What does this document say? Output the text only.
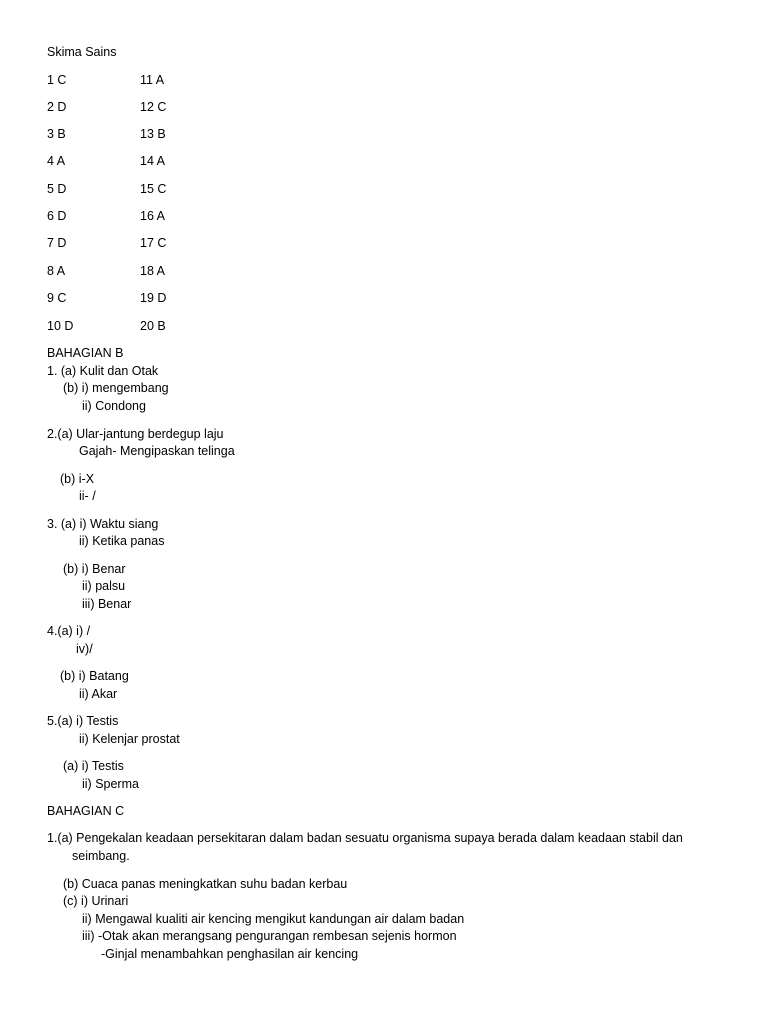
Skima Sains
1 C	11 A
2 D	12 C
3 B	13 B
4 A	14 A
5 D	15 C
6 D	16 A
7 D	17 C
8 A	18 A
9 C	19 D
10 D	20 B
BAHAGIAN B
1. (a) Kulit dan Otak
(b) i) mengembang
ii) Condong
2.(a) Ular-jantung berdegup laju
Gajah- Mengipaskan telinga
(b) i-X
ii- /
3. (a) i) Waktu siang
ii) Ketika panas
(b) i) Benar
ii) palsu
iii) Benar
4.(a) i) /
iv)/
(b) i) Batang
ii) Akar
5.(a) i) Testis
ii) Kelenjar prostat
(a) i) Testis
ii) Sperma
BAHAGIAN C
1.(a) Pengekalan keadaan persekitaran dalam badan sesuatu organisma supaya berada dalam keadaan stabil dan
seimbang.
(b) Cuaca panas meningkatkan suhu badan kerbau
(c) i) Urinari
ii) Mengawal kualiti air kencing mengikut kandungan air dalam badan
iii) -Otak akan merangsang pengurangan rembesan sejenis hormon
-Ginjal menambahkan penghasilan air kencing
